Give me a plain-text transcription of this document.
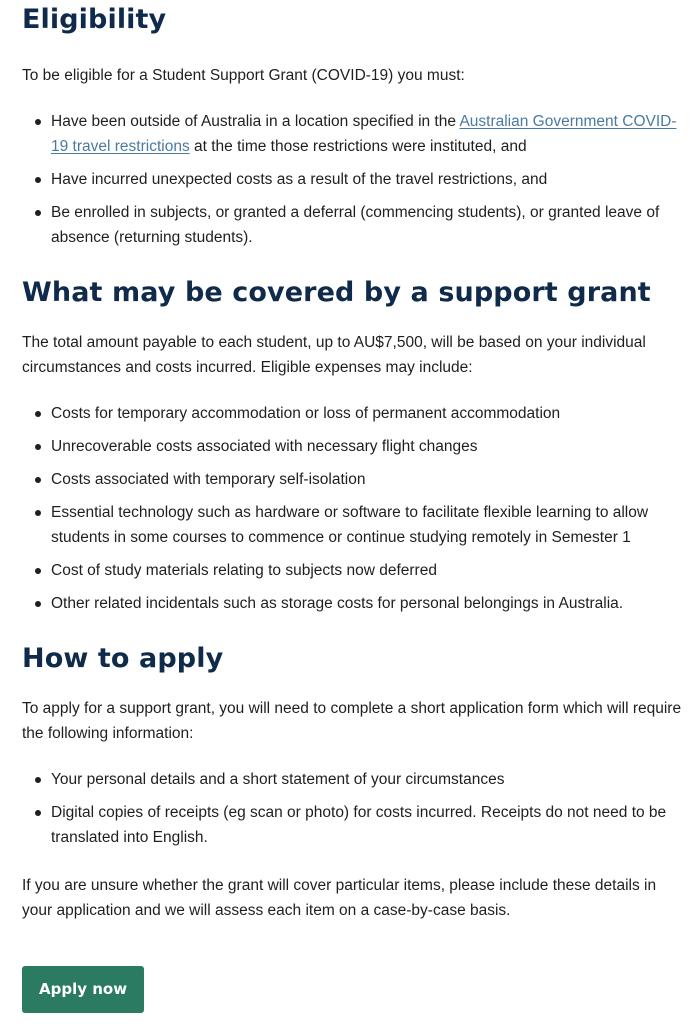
Eligibility

To be eligible for a Student Support Grant (COVID-19) you must:

Have been outside of Australia in a location specified in the Australian Government COVID-19 travel restrictions at the time those restrictions were instituted, and
Have incurred unexpected costs as a result of the travel restrictions, and
Be enrolled in subjects, or granted a deferral (commencing students), or granted leave of absence (returning students).
What may be covered by a support grant

The total amount payable to each student, up to AU$7,500, will be based on your individual circumstances and costs incurred. Eligible expenses may include:

Costs for temporary accommodation or loss of permanent accommodation
Unrecoverable costs associated with necessary flight changes
Costs associated with temporary self-isolation
Essential technology such as hardware or software to facilitate flexible learning to allow students in some courses to commence or continue studying remotely in Semester 1
Cost of study materials relating to subjects now deferred
Other related incidentals such as storage costs for personal belongings in Australia.
How to apply

To apply for a support grant, you will need to complete a short application form which will require the following information:

Your personal details and a short statement of your circumstances
Digital copies of receipts (eg scan or photo) for costs incurred. Receipts do not need to be translated into English.

If you are unsure whether the grant will cover particular items, please include these details in your application and we will assess each item on a case-by-case basis.

Apply now
